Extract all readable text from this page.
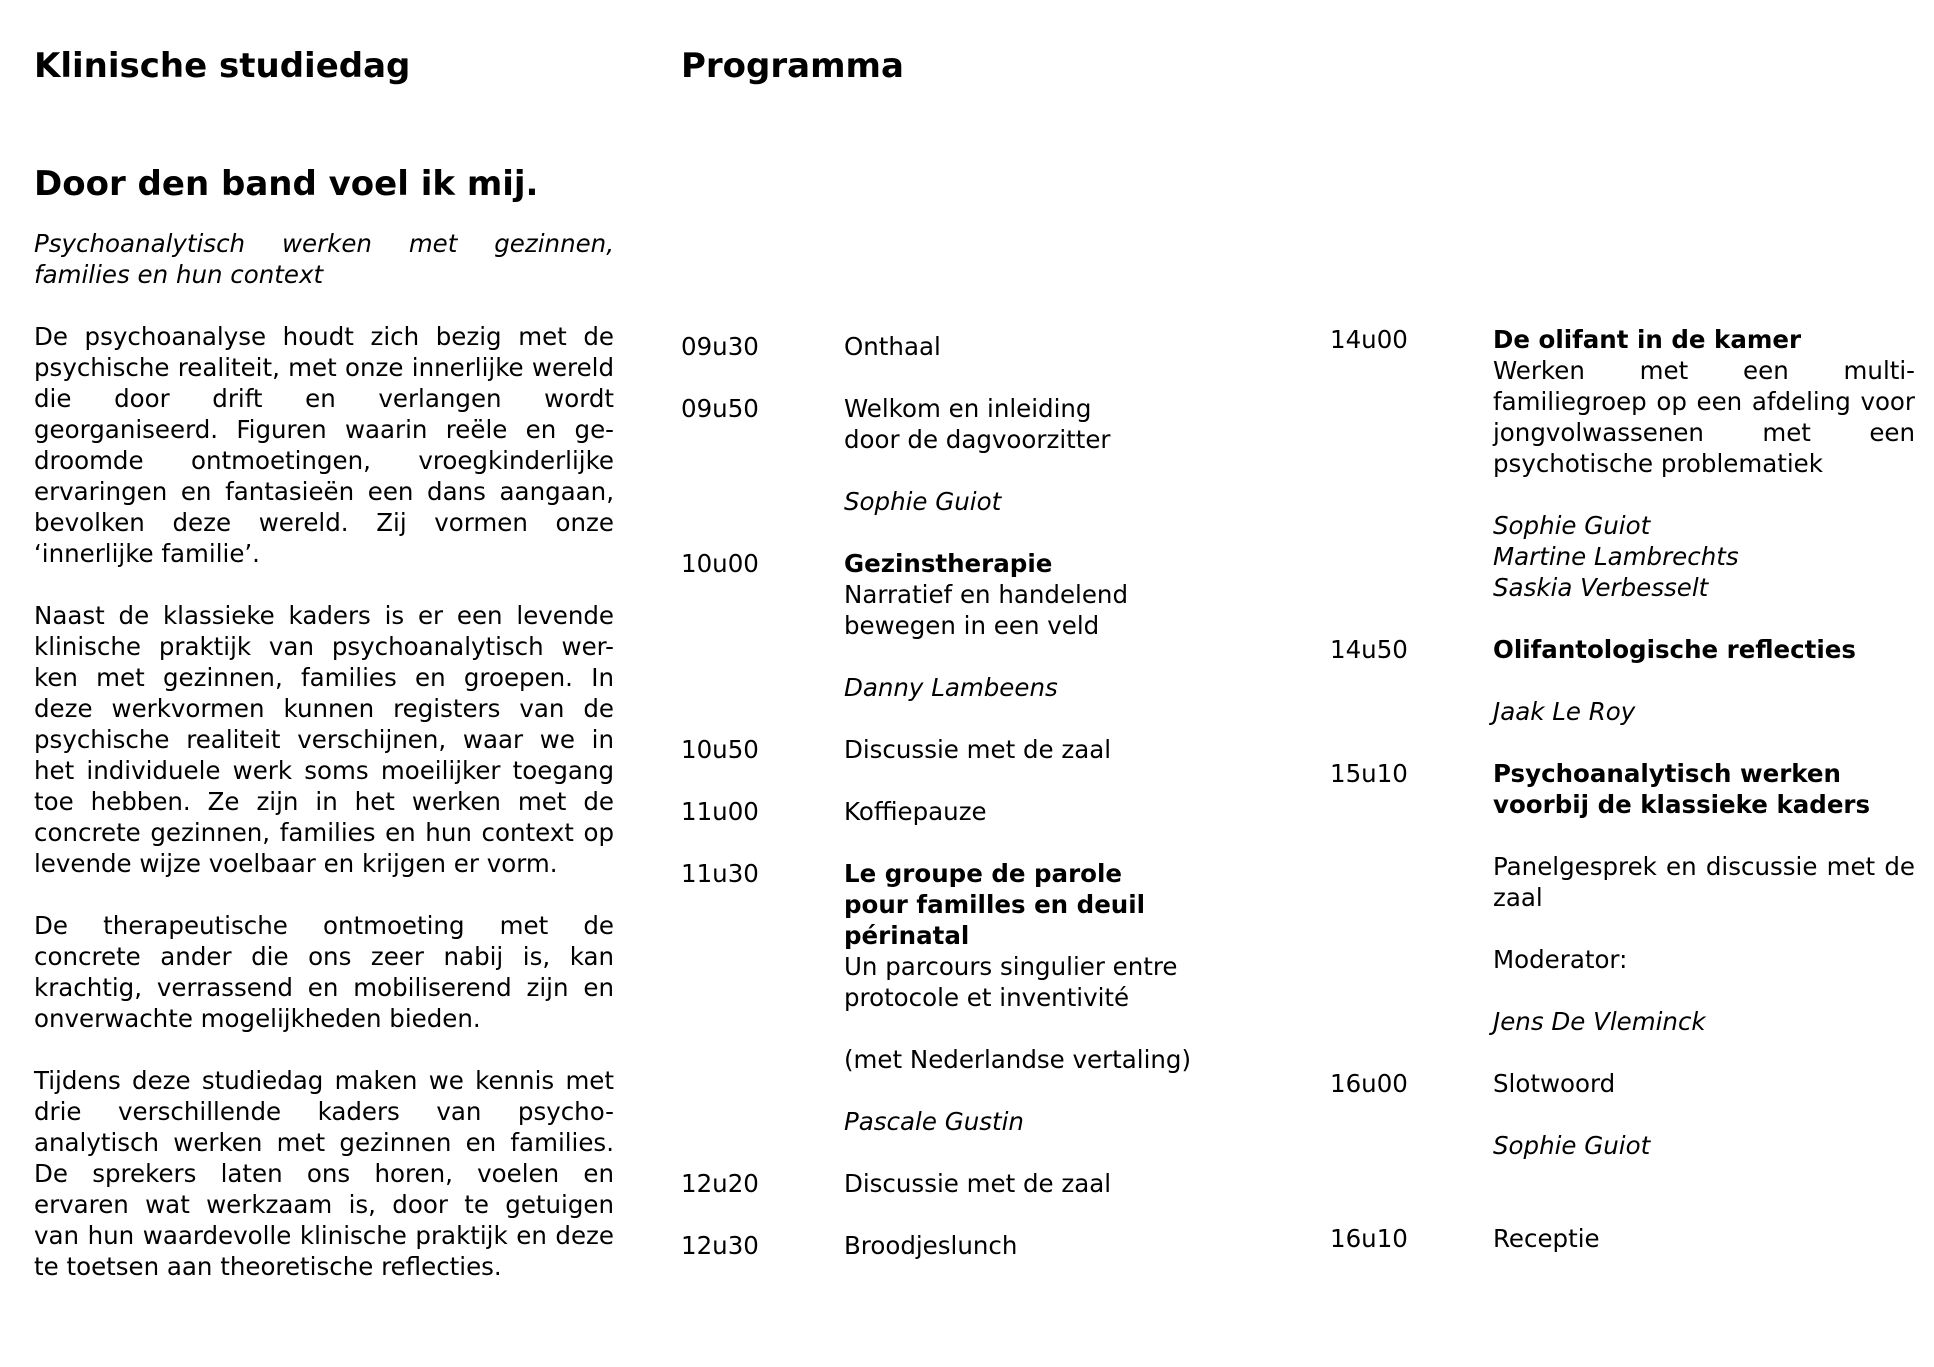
Klinische studiedag	Programma
Door den band voel ik mij.

Psychoanalytisch werken met gezinnen, families en hun context

De psychoanalyse houdt zich bezig met de psychische realiteit, met onze innerlijke wereld die door drift en verlangen wordt georganiseerd. Figuren waarin reële en ge-droomde ontmoetingen, vroegkinderlijke ervaringen en fantasieën een dans aangaan, bevolken deze wereld. Zij vormen onze ‘innerlijke familie’.

Naast de klassieke kaders is er een levende klinische praktijk van psychoanalytisch wer-ken met gezinnen, families en groepen. In deze werkvormen kunnen registers van de psychische realiteit verschijnen, waar we in het individuele werk soms moeilijker toegang toe hebben. Ze zijn in het werken met de concrete gezinnen, families en hun context op levende wijze voelbaar en krijgen er vorm.

De therapeutische ontmoeting met de concrete ander die ons zeer nabij is, kan krachtig, verrassend en mobiliserend zijn en onverwachte mogelijkheden bieden.

Tijdens deze studiedag maken we kennis met drie verschillende kaders van psycho-analytisch werken met gezinnen en families. De sprekers laten ons horen, voelen en ervaren wat werkzaam is, door te getuigen van hun waardevolle klinische praktijk en deze te toetsen aan theoretische reflecties.

09u30	Onthaal
09u50	Welkom en inleiding
door de dagvoorzitter
Sophie Guiot
10u00	Gezinstherapie
Narratief en handelend
bewegen in een veld
Danny Lambeens
10u50	Discussie met de zaal
11u00	Koffiepauze
11u30	Le groupe de parole
pour familles en deuil
périnatal
Un parcours singulier entre
protocole et inventivité
(met Nederlandse vertaling)
Pascale Gustin
12u20	Discussie met de zaal
12u30	Broodjeslunch
14u00	De olifant in de kamer
Werken met een multi-familiegroep op een afdeling voor jongvolwassenen met een psychotische problematiek
Sophie Guiot
Martine Lambrechts
Saskia Verbesselt
14u50	Olifantologische reflecties
Jaak Le Roy
15u10	Psychoanalytisch werken
voorbij de klassieke kaders
Panelgesprek en discussie met de zaal
Moderator:
Jens De Vleminck
16u00	Slotwoord
Sophie Guiot
16u10	Receptie
